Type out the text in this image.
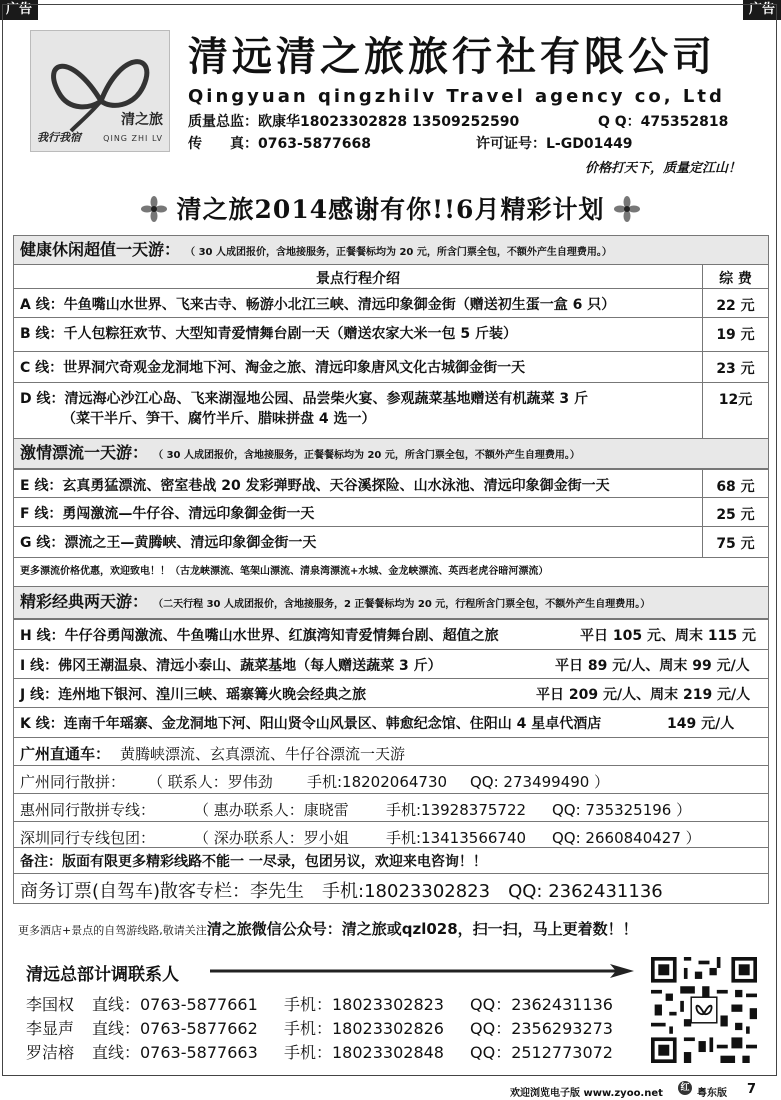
广告	广告
清之旅
QING ZHI LV
我行我宿
清远清之旅旅行社有限公司
Qingyuan qingzhilv Travel agency co, Ltd
质量总监：欧康华18023302828 13509252590	Q Q：475352818
传　　真：0763-5877668	许可证号：L-GD01449
价格打天下，质量定江山！
清之旅2014感谢有你!!6月精彩计划
健康休闲超值一天游： （ 30 人成团报价，含地接服务，正餐餐标均为 20 元，所含门票全包，不额外产生自理费用。）
景点行程介绍	综 费
A 线：牛鱼嘴山水世界、飞来古寺、畅游小北江三峡、清远印象御金街（赠送初生蛋一盒 6 只）	22 元
B 线：千人包粽狂欢节、大型知青爱情舞台剧一天（赠送农家大米一包 5 斤装）	19 元
C 线：世界洞穴奇观金龙洞地下河、淘金之旅、清远印象唐风文化古城御金街一天	23 元
D 线：清远海心沙江心岛、飞来湖湿地公园、品尝柴火宴、参观蔬菜基地赠送有机蔬菜 3 斤
（菜干半斤、笋干、腐竹半斤、腊味拼盘 4 选一）
12元
激情漂流一天游： （ 30 人成团报价，含地接服务，正餐餐标均为 20 元，所含门票全包，不额外产生自理费用。）
E 线：玄真勇猛漂流、密室巷战 20 发彩弹野战、天谷溪探险、山水泳池、清远印象御金街一天	68 元
F 线：勇闯激流—牛仔谷、清远印象御金街一天	25 元
G 线：漂流之王—黄腾峡、清远印象御金街一天	75 元
更多漂流价格优惠，欢迎致电！！（古龙峡漂流、笔架山漂流、清泉湾漂流+水城、金龙峡漂流、英西老虎谷暗河漂流）
精彩经典两天游： （二天行程 30 人成团报价，含地接服务，2 正餐餐标均为 20 元，行程所含门票全包，不额外产生自理费用。）
H 线：牛仔谷勇闯激流、牛鱼嘴山水世界、红旗湾知青爱情舞台剧、超值之旅	平日 105 元、周末 115 元
I 线：佛冈王潮温泉、清远小泰山、蔬菜基地（每人赠送蔬菜 3 斤）	平日 89 元/人、周末 99 元/人
J 线：连州地下银河、湟川三峡、瑶寨篝火晚会经典之旅	平日 209 元/人、周末 219 元/人
K 线：连南千年瑶寨、金龙洞地下河、阳山贤令山风景区、韩愈纪念馆、住阳山 4 星卓代酒店	149 元/人
广州直通车： 黄腾峡漂流、玄真漂流、牛仔谷漂流一天游
广州同行散拼： （ 联系人：罗伟劲 手机:18202064730 QQ: 273499490 ）
惠州同行散拼专线：	（ 惠办联系人：康晓雷 手机:13928375722 QQ: 735325196 ）
深圳同行专线包团：	（ 深办联系人：罗小姐 手机:13413566740 QQ: 2660840427 ）
备注：版面有限更多精彩线路不能一 一尽录，包团另议，欢迎来电咨询！！
商务订票(自驾车)散客专栏：李先生　手机:18023302823　QQ: 2362431136
更多酒店+景点的自驾游线路,敬请关注清之旅微信公众号：清之旅或qzl028，扫一扫，马上更着数！！
清远总部计调联系人
李国权 直线：0763-5877661 手机：18023302823 QQ：2362431136
李显声 直线：0763-5877662 手机：18023302826 QQ：2356293273
罗洁榕 直线：0763-5877663 手机：18023302848 QQ：2512773072
欢迎浏览电子版 www.zyoo.net 红 粤东版 7
